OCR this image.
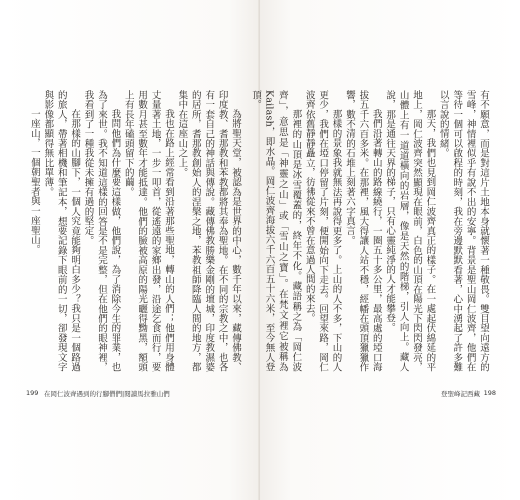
為將聖天堂，被認為是世界的中心，數千年以來，藏傳佛教、印度教、耆那教和苯教都將其奉為聖地。在不同的宗教之中，也各有一套自己的神話與傳說。藏傳佛教勝樂金剛的壇城，印度教濕婆的居所，耆那教創始人的涅槃之地，苯教祖師降臨人間的地方，都集中在這座山之上。

我也在路上經常看到沿著那些聖地，轉山的人們；他們用身體丈量著土地，一步一叩首，從遙遠的家鄉出發，沿途乞食而行，要用數月甚至數年才能抵達。他們的臉被高原的陽光曬得黝黑，額頭上有長年磕頭留下的繭。

我問他們為什麼要這樣做，他們說，為了消除今生的罪業，也為了來世。我不知道這樣的回答是不是完整，但在他們的眼神裡，我看到了一種我從未擁有過的堅定。

在那樣的山腳下，一個人究竟能夠明白多少？我只是一個路過的旅人，帶著相機和筆記本，想要記錄下眼前的一切，卻發現文字與影像都顯得無比單薄。

一座山，一個朝聖者與一座聖山。

199 在岡仁波齊遇到的行腳僧們|閱讀馬拉雅山們

有不願意，而是對這片土地本身就懷著一種敬畏。雙目望向遠方的雪峰，神情裡似乎有說不出的安寧。背景是聖山岡仁波齊，他們在等待一個可以啟程的時刻，我在旁邊默默看著，心中湧起了許多難以言說的情緒。

那天，我們也見到岡仁波齊真正的樣子。在一處起伏綿延的平地上，岡仁波齊突然顯現在眼前，白色的山頂在陽光下閃閃發亮，山體上有一道道橫向的岩層，像是天然的階梯，引人向上。藏人說，那是通往天界的梯子，只有心靈純淨的人才能攀登。

我們沿著轉山的路線繞行，一圈五十多公里，最高處的埡口海拔五千六百多米。在那裡，風大得讓人站不穩，經幡在頭頂獵獵作響，數不清的石堆上刻著六字真言。

那樣的景象我就無法再說得更多了。上山的人不多，下山的人更少，我們在埡口停留了片刻，便開始向下走去。回望來路，岡仁波齊依舊靜靜矗立，彷彿從來不曾在意過人間的來去。

那裡的山頂是冰雪覆蓋的，終年不化。藏語稱之為「岡仁波齊」，意思是「神靈之山」或「雪山之寶」。在梵文裡它被稱為 Kailash，即水晶。岡仁波齊海拔六千六百五十六米，至今無人登頂。

登聖峰記西藏 198
